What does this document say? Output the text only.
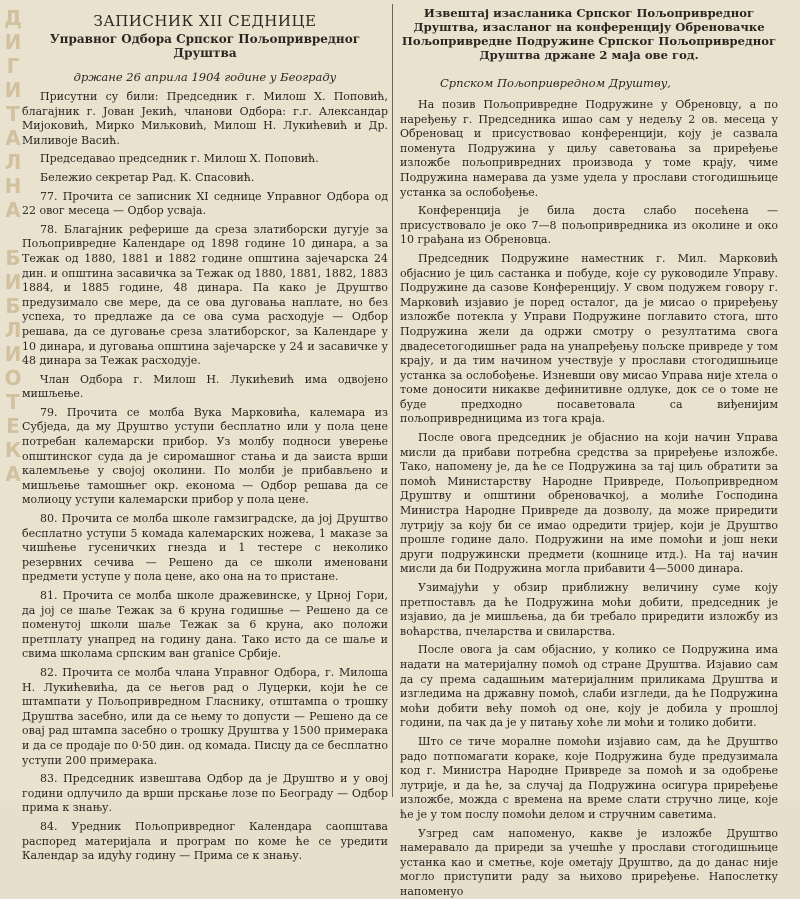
Д
И
Г
И
Т
А
Л
Н
А

Б
И
Б
Л
И
О
Т
Е
К
А
ЗАПИСНИК XII СЕДНИЦЕ
Управног Одбора Српског Пољопривредног Друштва
држане 26 априла 1904 године у Београду

Присутни су били: Председник г. Милош Х. Поповић, благајник г. Јован Јекић, чланови Одбора: г.г. Александар Мијоковић, Мирко Миљковић, Милош Н. Лукићевић и Др. Миливоје Васић.

Председавао председник г. Милош Х. Поповић.

Бележио секретар Рад. К. Спасовић.

77. Прочита се записник XI седнице Управног Одбора од 22 овог месеца — Одбор усваја.

78. Благајник реферише да среза златиборски дугује за Пољопривредне Календаре од 1898 године 10 динара, а за Тежак од 1880, 1881 и 1882 године општина зајечарска 24 дин. и општина засавичка за Тежак од 1880, 1881, 1882, 1883 1884, и 1885 године, 48 динара. Па како је Друштво предузимало све мере, да се ова дуговања наплате, но без успеха, то предлаже да се ова сума расходује — Одбор решава, да се дуговање среза златиборског, за Календаре у 10 динара, и дуговања општина зајечарске у 24 и засавичке у 48 динара за Тежак расходује.

Члан Одбора г. Милош Н. Лукићевић има одвојено мишљење.

79. Прочита се молба Вука Марковића, калемара из Субједа, да му Друштво уступи бесплатно или у пола цене потребан калемарски прибор. Уз молбу подноси уверење општинског суда да је сиромашног стања и да заиста врши калемљење у својој околини. По молби је прибављено и мишљење тамошњег окр. економа — Одбор решава да се молиоцу уступи калемарски прибор у пола цене.

80. Прочита се молба школе гамзиградске, да јој Друштво бесплатно уступи 5 комада калемарских ножева, 1 маказе за чишћење гусеничких гнезда и 1 тестере с неколико резервних сечива — Решено да се школи именовани предмети уступе у пола цене, ако она на то пристане.

81. Прочита се молба школе дражевинске, у Црној Гори, да јој се шаље Тежак за 6 круна годишње — Решено да се поменутој школи шаље Тежак за 6 круна, ако положи претплату унапред на годину дана. Тако исто да се шаље и свима школама српским ван granice Србије.

82. Прочита се молба члана Управног Одбора, г. Милоша Н. Лукићевића, да се његов рад о Луцерки, који ће се штампати у Пољопривредном Гласнику, отштампа о трошку Друштва засебно, или да се њему то допусти — Решено да се овај рад штампа засебно о трошку Друштва у 1500 примерака и да се продаје по 0·50 дин. од комада. Писцу да се бесплатно уступи 200 примерака.

83. Председник извештава Одбор да је Друштво и у овој години одлучило да врши прскање лозе по Београду — Одбор прима к знању.

84. Уредник Пољопривредног Календара саопштава распоред материјала и програм по коме ће се уредити Календар за идућу годину — Прима се к знању.

Извештај изасланика Српског Пољопривредног Друштва, изасланог на конференцију Обреновачке Пољопривредне Подружине Српског Пољопривредног Друштва држане 2 маја ове год.
Српском Пољопривредном Друштву,

На позив Пољопривредне Подружине у Обреновцу, а по наређењу г. Председника ишао сам у недељу 2 ов. месеца у Обреновац и присуствовао конференцији, коју је сазвала поменута Подружина у циљу саветовања за приређење изложбе пољопривредних производа у томе крају, чиме Подружина намерава да узме удела у прослави стогодишњице устанка за ослобођење.

Конференција је била доста слабо посећена — присуствовало је око 7—8 пољопривредника из околине и око 10 грађана из Обреновца.

Председник Подружине наместник г. Мил. Марковић објаснио је циљ састанка и побуде, које су руководиле Управу. Подружине да сазове Конференцију. У свом подужем говору г. Марковић изјавио је поред осталог, да је мисао о приређењу изложбе потекла у Управи Подружине поглавито стога, што Подружина жели да одржи смотру о резултатима свога двадесетогодишњег рада на унапређењу пољске привреде у том крају, и да тим начином учествује у прослави стогодишњице устанка за ослобођење. Изневши ову мисао Управа није хтела о томе доносити никакве дефинитивне одлуке, док се о томе не буде предходно посаветовала са виђенијим пољопривредницима из тога краја.

После овога председник је објаснио на који начин Управа мисли да прибави потребна средства за приређење изложбе. Тако, напомену је, да ће се Подружина за тај циљ обратити за помоћ Министарству Народне Привреде, Пољопривредном Друштву и општини обреновачкој, а молиће Господина Министра Народне Привреде да дозволу, да може приредити лутрију за коју би се имао одредити тријер, који је Друштво прошле године дало. Подружини на име помоћи и још неки други подружински предмети (кошнице итд.). На тај начин мисли да би Подружина могла прибавити 4—5000 динара.

Узимајући у обзир приближну величину суме коју претпостављ да ће Подружина моћи добити, председник је изјавио, да је мишљења, да би требало приредити изложбу из воћарства, пчеларства и свиларства.

После овога ја сам објаснио, у колико се Подружина има надати на материјалну помоћ од стране Друштва. Изјавио сам да су према садашњим материјалним приликама Друштва и изгледима на државну помоћ, слаби изгледи, да ће Подружина моћи добити већу помоћ од оне, коју је добила у прошлој години, па чак да је у питању хоће ли моћи и толико добити.

Што се тиче моралне помоћи изјавио сам, да ће Друштво радо потпомагати кораке, које Подружина буде предузимала код г. Министра Народне Привреде за помоћ и за одобрење лутрије, и да ће, за случај да Подружина осигура приређење изложбе, можда с времена на време слати стручно лице, које ће је у том послу помоћи делом и стручним саветима.

Узгред сам напоменуо, какве је изложбе Друштво намеравало да приреди за учешће у прослави стогодишњице устанка као и сметње, које ометају Друштво, да до данас није могло приступити раду за њихово приређење. Напослетку напоменуо
